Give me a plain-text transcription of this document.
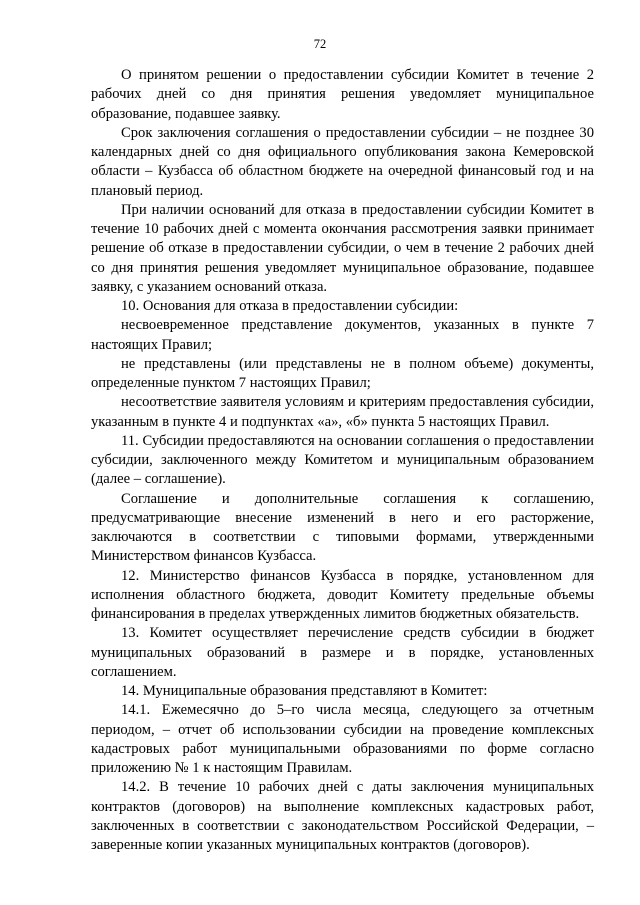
72

О принятом решении о предоставлении субсидии Комитет в течение 2 рабочих дней со дня принятия решения уведомляет муниципальное образование, подавшее заявку.

Срок заключения соглашения о предоставлении субсидии – не позднее 30 календарных дней со дня официального опубликования закона Кемеровской области – Кузбасса об областном бюджете на очередной финансовый год и на плановый период.

При наличии оснований для отказа в предоставлении субсидии Комитет в течение 10 рабочих дней с момента окончания рассмотрения заявки принимает решение об отказе в предоставлении субсидии, о чем в течение 2 рабочих дней со дня принятия решения уведомляет муниципальное образование, подавшее заявку, с указанием оснований отказа.

10. Основания для отказа в предоставлении субсидии:

несвоевременное представление документов, указанных в пункте 7 настоящих Правил;

не представлены (или представлены не в полном объеме) документы, определенные пунктом 7 настоящих Правил;

несоответствие заявителя условиям и критериям предоставления субсидии, указанным в пункте 4 и подпунктах «а», «б» пункта 5 настоящих Правил.

11. Субсидии предоставляются на основании соглашения о предоставлении субсидии, заключенного между Комитетом и муниципальным образованием (далее – соглашение).

Соглашение и дополнительные соглашения к соглашению, предусматривающие внесение изменений в него и его расторжение, заключаются в соответствии с типовыми формами, утвержденными Министерством финансов Кузбасса.

12. Министерство финансов Кузбасса в порядке, установленном для исполнения областного бюджета, доводит Комитету предельные объемы финансирования в пределах утвержденных лимитов бюджетных обязательств.

13. Комитет осуществляет перечисление средств субсидии в бюджет муниципальных образований в размере и в порядке, установленных соглашением.

14. Муниципальные образования представляют в Комитет:

14.1. Ежемесячно до 5–го числа месяца, следующего за отчетным периодом, – отчет об использовании субсидии на проведение комплексных кадастровых работ муниципальными образованиями по форме согласно приложению № 1 к настоящим Правилам.

14.2. В течение 10 рабочих дней с даты заключения муниципальных контрактов (договоров) на выполнение комплексных кадастровых работ, заключенных в соответствии с законодательством Российской Федерации, – заверенные копии указанных муниципальных контрактов (договоров).
